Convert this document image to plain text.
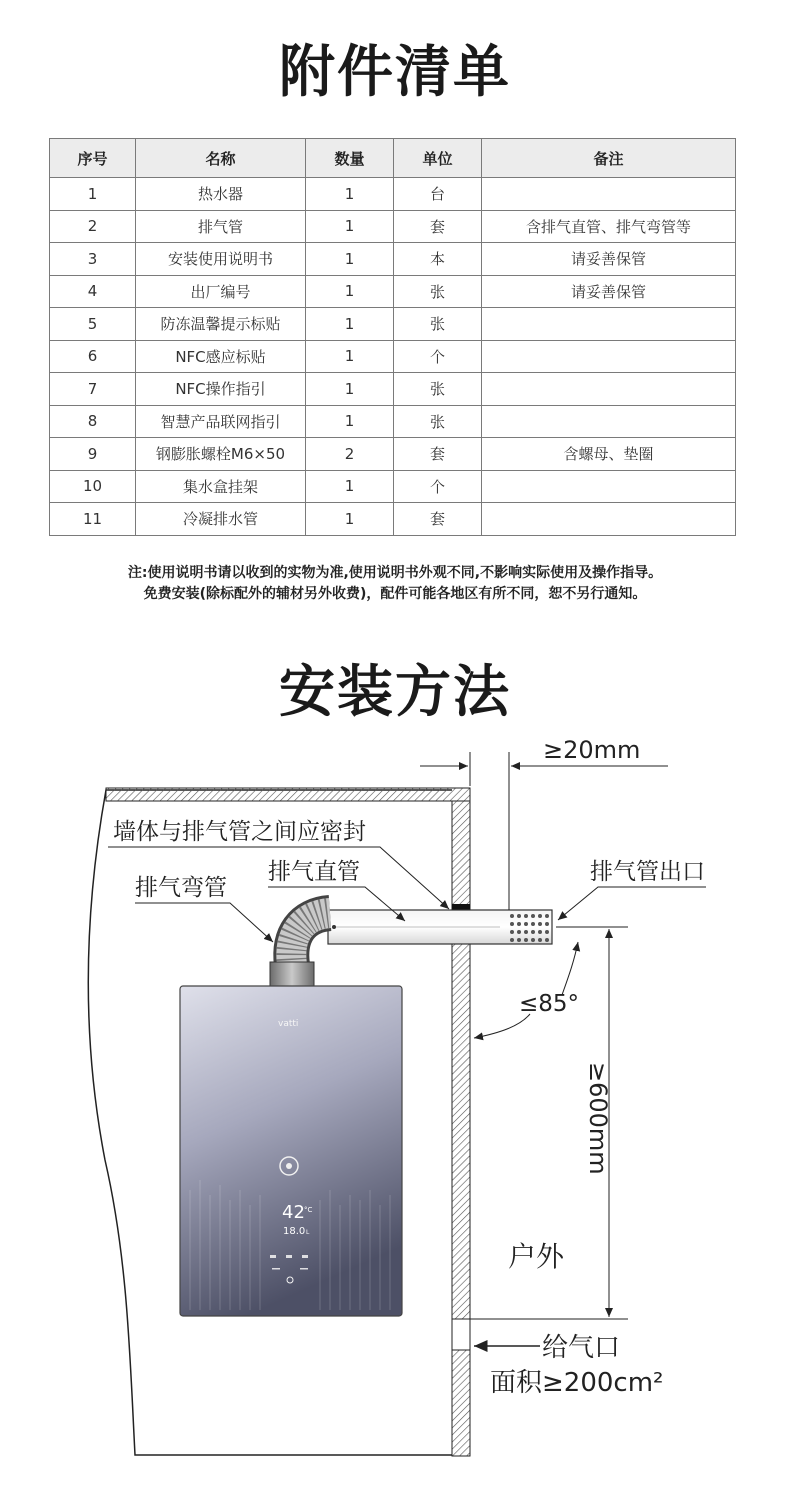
附件清单
序号	名称	数量	单位	备注
1	热水器	1	台	
2	排气管	1	套	含排气直管、排气弯管等
3	安装使用说明书	1	本	请妥善保管
4	出厂编号	1	张	请妥善保管
5	防冻温馨提示标贴	1	张	
6	NFC感应标贴	1	个	
7	NFC操作指引	1	张	
8	智慧产品联网指引	1	张	
9	钢膨胀螺栓M6×50	2	套	含螺母、垫圈
10	集水盒挂架	1	个	
11	冷凝排水管	1	套	
注:使用说明书请以收到的实物为准,使用说明书外观不同,不影响实际使用及操作指导。
免费安装(除标配外的辅材另外收费)，配件可能各地区有所不同，恕不另行通知。
安装方法
vatti
42 °C
18.0 L
≥20mm
墙体与排气管之间应密封
排气直管
排气弯管
排气管出口
≤85°
≥600mm
户外
给气口
面积≥200cm²
